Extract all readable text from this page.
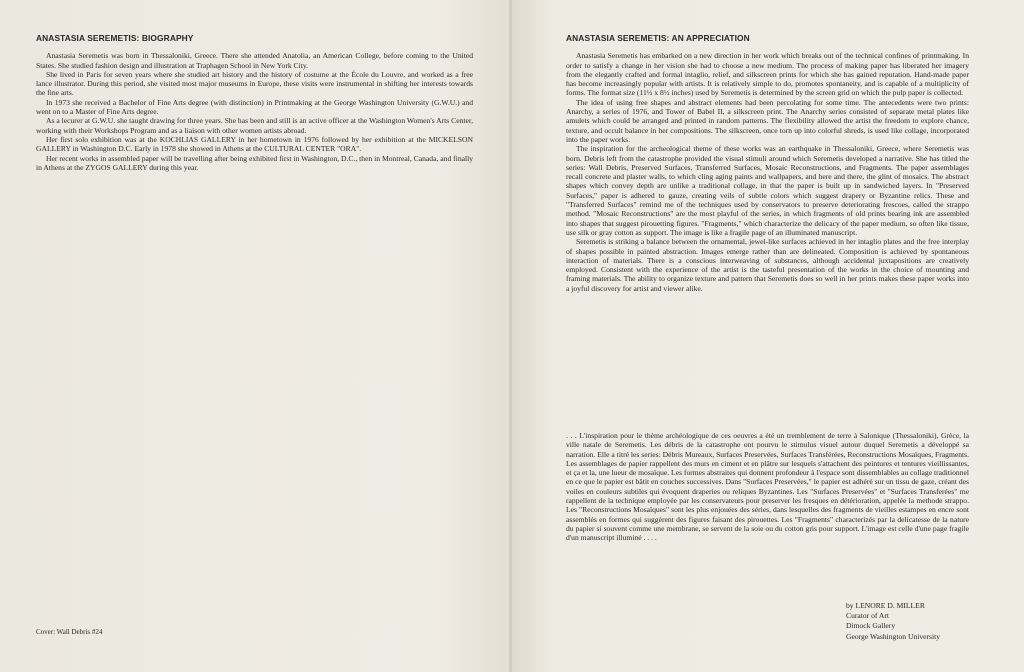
ANASTASIA SEREMETIS: BIOGRAPHY

Anastasia Seremetis was born in Thessaloniki, Greece. There she attended Anatolia, an American College, before coming to the United States. She studied fashion design and illustration at Traphagen School in New York City.

She lived in Paris for seven years where she studied art history and the history of costume at the École du Louvre, and worked as a free lance illustrator. During this period, she visited most major museums in Europe, these visits were instrumental in shifting her interests towards the fine arts.

In 1973 she received a Bachelor of Fine Arts degree (with distinction) in Printmaking at the George Washington University (G.W.U.) and went on to a Master of Fine Arts degree.

As a lecurer at G.W.U. she taught drawing for three years. She has been and still is an active officer at the Washington Women's Arts Center, working with their Workshops Program and as a liaison with other women artists abroad.

Her first solo exhibition was at the KOCHLIAS GALLERY in her hometown in 1976 followed by her exhibition at the MICKELSON GALLERY in Washington D.C. Early in 1978 she showed in Athens at the CULTURAL CENTER "ORA".

Her recent works in assembled paper will be travelling after being exhibited first in Washington, D.C., then in Montreal, Canada, and finally in Athens at the ZYGOS GALLERY during this year.

Cover: Wall Debris #24
ANASTASIA SEREMETIS: AN APPRECIATION

Anastasia Seremetis has embarked on a new direction in her work which breaks out of the technical confines of printmaking. In order to satisfy a change in her vision she had to choose a new medium. The process of making paper has liberated her imagery from the elegantly crafted and formal intaglio, relief, and silkscreen prints for which she has gained reputation. Hand-made paper has become increasingly popular with artists. It is relatively simple to do, promotes spontaneity, and is capable of a multiplicity of forms. The format size (11½ x 8½ inches) used by Seremetis is determined by the screen grid on which the pulp paper is collected.

The idea of using free shapes and abstract elements had been percolating for some time. The antecedents were two prints: Anarchy, a series of 1976, and Tower of Babel II, a silkscreen print. The Anarchy series consisted of separate metal plates like amulets which could be arranged and printed in random patterns. The flexibility allowed the artist the freedom to explore chance, texture, and occult balance in her compositions. The silkscreen, once torn up into colorful shreds, is used like collage, incorporated into the paper works.

The inspiration for the archeological theme of these works was an earthquake in Thessaloniki, Greece, where Seremetis was born. Debris left from the catastrophe provided the visual stimuli around which Seremetis developed a narrative. She has titled the series: Wall Debris, Preserved Surfaces, Transferred Surfaces, Mosaic Reconstructions, and Fragments. The paper assemblages recall concrete and plaster walls, to which cling aging paints and wallpapers, and here and there, the glint of mosaics. The abstract shapes which convey depth are unlike a traditional collage, in that the paper is built up in sandwiched layers. In "Preserved Surfaces," paper is adhered to gauze, creating veils of subtle colors which suggest drapery or Byzantine relics. These and "Transferred Surfaces" remind me of the techniques used by conservators to preserve deteriorating frescoes, called the strappo method. "Mosaic Reconstructions" are the most playful of the series, in which fragments of old prints bearing ink are assembled into shapes that suggest pirouetting figures. "Fragments," which characterize the delicacy of the paper medium, so often like tissue, use silk or gray cotton as support. The image is like a fragile page of an illuminated manuscript.

Seremetis is striking a balance between the ornamental, jewel-like surfaces achieved in her intaglio plates and the free interplay of shapes possible in painted abstraction. Images emerge rather than are delineated. Composition is achieved by spontaneous interaction of materials. There is a conscious interweaving of substances, although accidental juxtapositions are creatively employed. Consistent with the experience of the artist is the tasteful presentation of the works in the choice of mounting and framing materials. The ability to organize texture and pattern that Seremetis does so well in her prints makes these paper works into a joyful discovery for artist and viewer alike.

. . . L'inspiration pour le thème archéologique de ces oeuvres a été un tremblement de terre à Salonique (Thessaloniki), Grèce, la ville natale de Seremetis. Les débris de la catastrophe ont pourvu le stimulus visuel autour duquel Seremetis a développé sa narration. Elle a titré les series: Débris Mureaux, Surfaces Preservées, Surfaces Transférées, Reconstructions Mosaïques, Fragments. Les assemblages de papier rappellent des murs en ciment et en plâtre sur lesquels s'attachent des peintures et tentures vieillissantes, et ça et la, une lueur de mosaïque. Les formes abstraites qui donnent profondeur à l'espace sont dissemblables au collage traditionnel en ce que le papier est bâtit en couches successives. Dans "Surfaces Preservées," le papier est adhéré sur un tissu de gaze, créant des voiles en couleurs subtiles qui évoquent draperies ou reliques Byzantines. Les "Surfaces Preservées" et "Surfaces Transferées" me rappellent de la technique employée par les conservateurs pour preserver les fresques en détérioration, appelée la methode strappo. Les "Reconstructions Mosaïques" sont les plus enjouées des séries, dans lesquelles des fragments de vieilles estampes en encre sont assemblés en formes qui suggèrent des figures faisant des pirouettes. Les "Fragments" characterizés par la delicatesse de la nature du papier si souvent comme une membrane, se servent de la soie ou du cotton gris pour support. L'image est celle d'une page fragile d'un manuscript illuminé . . . .

by LENORE D. MILLER
Curator of Art
Dimock Gallery
George Washington University
